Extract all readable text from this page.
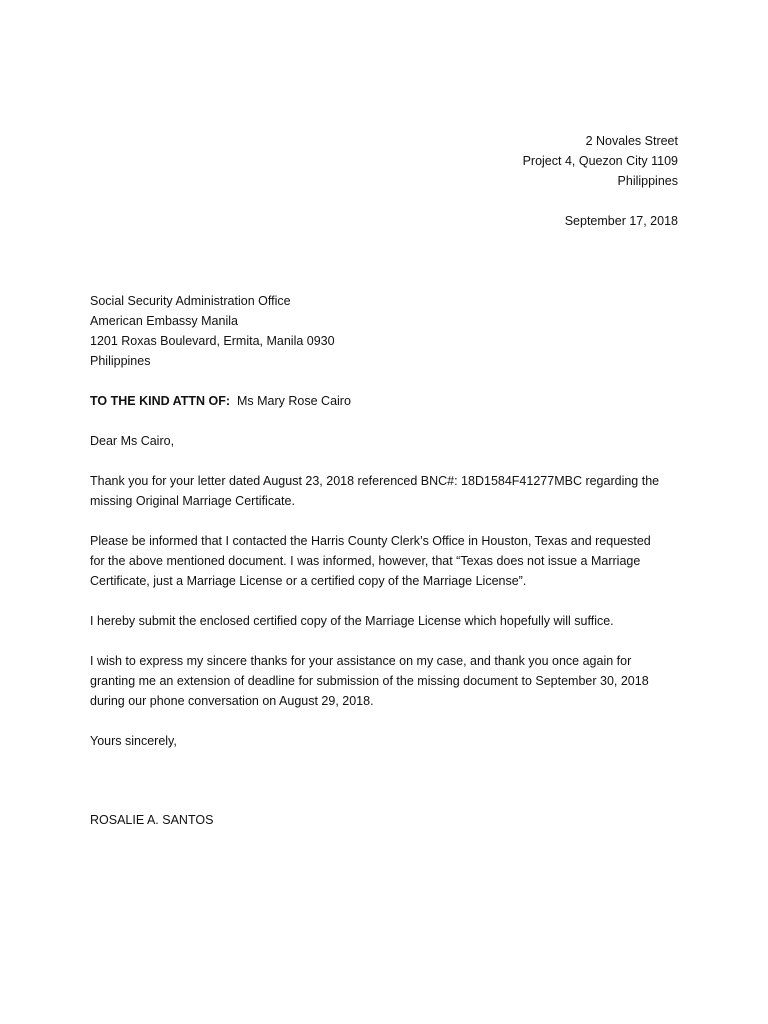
2 Novales Street
Project 4, Quezon City 1109
Philippines
September 17, 2018
Social Security Administration Office
American Embassy Manila
1201 Roxas Boulevard, Ermita, Manila 0930
Philippines
TO THE KIND ATTN OF: Ms Mary Rose Cairo
Dear Ms Cairo,
Thank you for your letter dated August 23, 2018 referenced BNC#: 18D1584F41277MBC regarding the
missing Original Marriage Certificate.
Please be informed that I contacted the Harris County Clerk’s Office in Houston, Texas and requested
for the above mentioned document. I was informed, however, that “Texas does not issue a Marriage
Certificate, just a Marriage License or a certified copy of the Marriage License”.
I hereby submit the enclosed certified copy of the Marriage License which hopefully will suffice.
I wish to express my sincere thanks for your assistance on my case, and thank you once again for
granting me an extension of deadline for submission of the missing document to September 30, 2018
during our phone conversation on August 29, 2018.
Yours sincerely,
ROSALIE A. SANTOS
